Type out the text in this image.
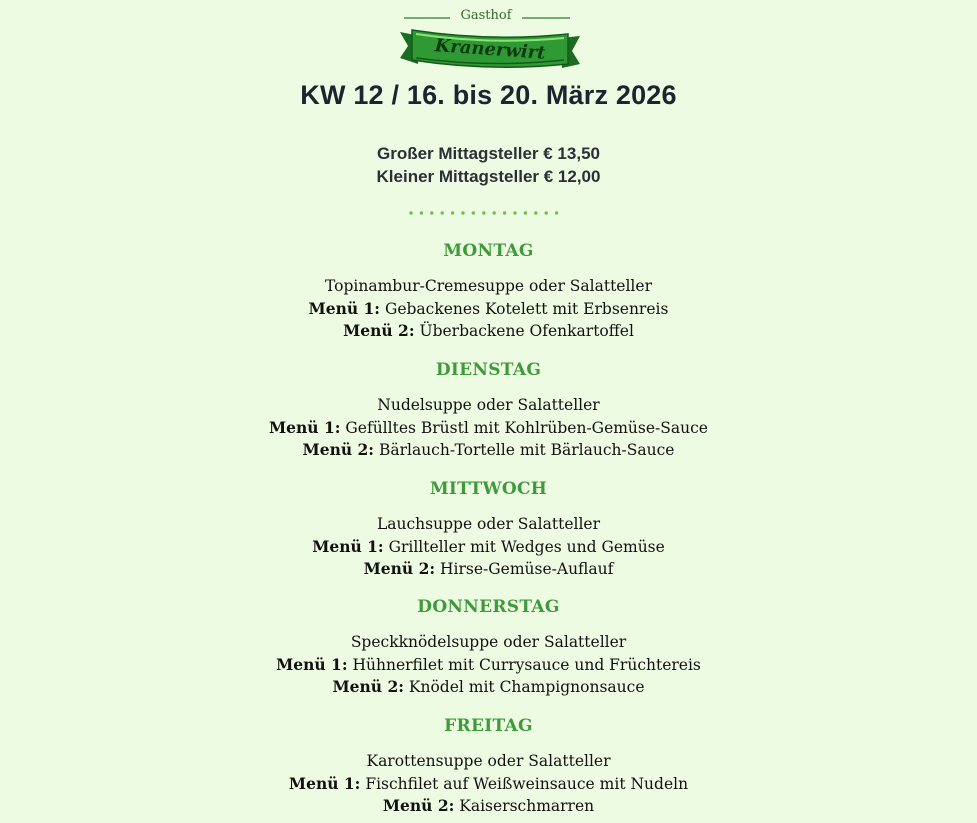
Gasthof
Kranerwirt
KW 12 / 16. bis 20. März 2026
Großer Mittagsteller € 13,50
Kleiner Mittagsteller € 12,00
MONTAG
Topinambur-Cremesuppe oder Salatteller
Menü 1: Gebackenes Kotelett mit Erbsenreis
Menü 2: Überbackene Ofenkartoffel
DIENSTAG
Nudelsuppe oder Salatteller
Menü 1: Gefülltes Brüstl mit Kohlrüben-Gemüse-Sauce
Menü 2: Bärlauch-Tortelle mit Bärlauch-Sauce
MITTWOCH
Lauchsuppe oder Salatteller
Menü 1: Grillteller mit Wedges und Gemüse
Menü 2: Hirse-Gemüse-Auflauf
DONNERSTAG
Speckknödelsuppe oder Salatteller
Menü 1: Hühnerfilet mit Currysauce und Früchtereis
Menü 2: Knödel mit Champignonsauce
FREITAG
Karottensuppe oder Salatteller
Menü 1: Fischfilet auf Weißweinsauce mit Nudeln
Menü 2: Kaiserschmarren
